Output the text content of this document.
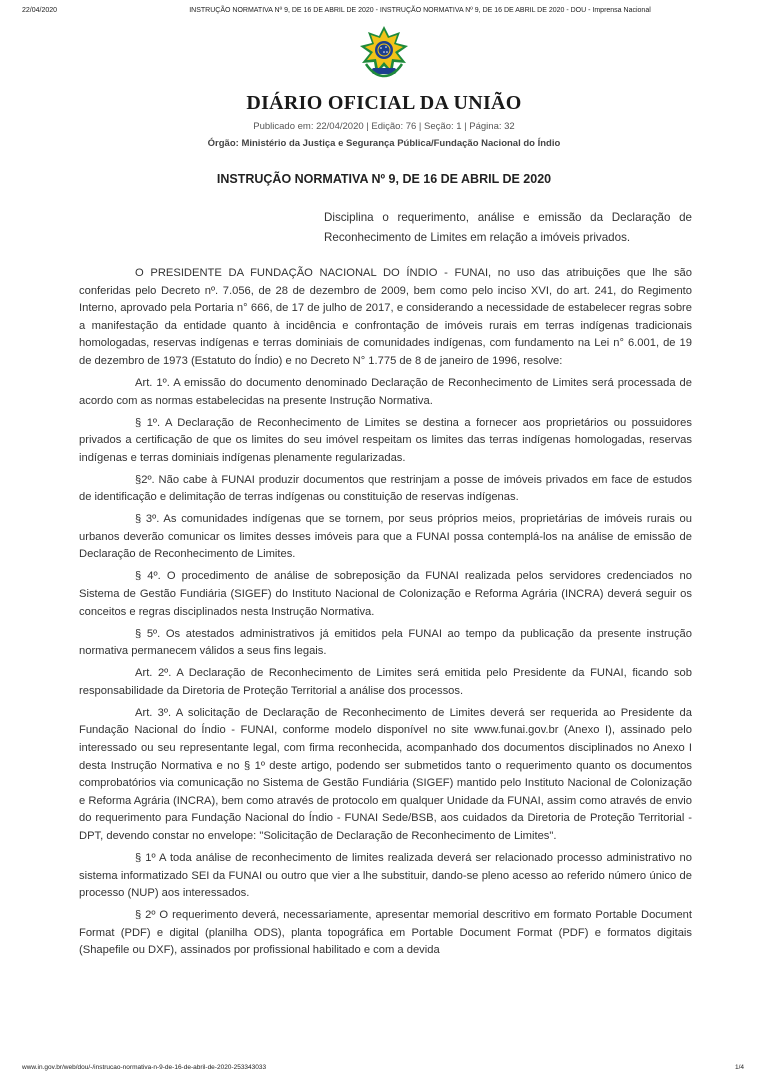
22/04/2020	INSTRUÇÃO NORMATIVA Nº 9, DE 16 DE ABRIL DE 2020 - INSTRUÇÃO NORMATIVA Nº 9, DE 16 DE ABRIL DE 2020 - DOU - Imprensa Nacional
DIÁRIO OFICIAL DA UNIÃO
Publicado em: 22/04/2020 | Edição: 76 | Seção: 1 | Página: 32
Órgão: Ministério da Justiça e Segurança Pública/Fundação Nacional do Índio
INSTRUÇÃO NORMATIVA Nº 9, DE 16 DE ABRIL DE 2020
Disciplina o requerimento, análise e emissão da Declaração de Reconhecimento de Limites em relação a imóveis privados.

O PRESIDENTE DA FUNDAÇÃO NACIONAL DO ÍNDIO - FUNAI, no uso das atribuições que lhe são conferidas pelo Decreto nº. 7.056, de 28 de dezembro de 2009, bem como pelo inciso XVI, do art. 241, do Regimento Interno, aprovado pela Portaria n° 666, de 17 de julho de 2017, e considerando a necessidade de estabelecer regras sobre a manifestação da entidade quanto à incidência e confrontação de imóveis rurais em terras indígenas tradicionais homologadas, reservas indígenas e terras dominiais de comunidades indígenas, com fundamento na Lei n° 6.001, de 19 de dezembro de 1973 (Estatuto do Índio) e no Decreto N° 1.775 de 8 de janeiro de 1996, resolve:

Art. 1º. A emissão do documento denominado Declaração de Reconhecimento de Limites será processada de acordo com as normas estabelecidas na presente Instrução Normativa.

§ 1º. A Declaração de Reconhecimento de Limites se destina a fornecer aos proprietários ou possuidores privados a certificação de que os limites do seu imóvel respeitam os limites das terras indígenas homologadas, reservas indígenas e terras dominiais indígenas plenamente regularizadas.

§2º. Não cabe à FUNAI produzir documentos que restrinjam a posse de imóveis privados em face de estudos de identificação e delimitação de terras indígenas ou constituição de reservas indígenas.

§ 3º. As comunidades indígenas que se tornem, por seus próprios meios, proprietárias de imóveis rurais ou urbanos deverão comunicar os limites desses imóveis para que a FUNAI possa contemplá-los na análise de emissão de Declaração de Reconhecimento de Limites.

§ 4º. O procedimento de análise de sobreposição da FUNAI realizada pelos servidores credenciados no Sistema de Gestão Fundiária (SIGEF) do Instituto Nacional de Colonização e Reforma Agrária (INCRA) deverá seguir os conceitos e regras disciplinados nesta Instrução Normativa.

§ 5º. Os atestados administrativos já emitidos pela FUNAI ao tempo da publicação da presente instrução normativa permanecem válidos a seus fins legais.

Art. 2º. A Declaração de Reconhecimento de Limites será emitida pelo Presidente da FUNAI, ficando sob responsabilidade da Diretoria de Proteção Territorial a análise dos processos.

Art. 3º. A solicitação de Declaração de Reconhecimento de Limites deverá ser requerida ao Presidente da Fundação Nacional do Índio - FUNAI, conforme modelo disponível no site www.funai.gov.br (Anexo I), assinado pelo interessado ou seu representante legal, com firma reconhecida, acompanhado dos documentos disciplinados no Anexo I desta Instrução Normativa e no § 1º deste artigo, podendo ser submetidos tanto o requerimento quanto os documentos comprobatórios via comunicação no Sistema de Gestão Fundiária (SIGEF) mantido pelo Instituto Nacional de Colonização e Reforma Agrária (INCRA), bem como através de protocolo em qualquer Unidade da FUNAI, assim como através de envio do requerimento para Fundação Nacional do Índio - FUNAI Sede/BSB, aos cuidados da Diretoria de Proteção Territorial - DPT, devendo constar no envelope: "Solicitação de Declaração de Reconhecimento de Limites".

§ 1º A toda análise de reconhecimento de limites realizada deverá ser relacionado processo administrativo no sistema informatizado SEI da FUNAI ou outro que vier a lhe substituir, dando-se pleno acesso ao referido número único de processo (NUP) aos interessados.

§ 2º O requerimento deverá, necessariamente, apresentar memorial descritivo em formato Portable Document Format (PDF) e digital (planilha ODS), planta topográfica em Portable Document Format (PDF) e formatos digitais (Shapefile ou DXF), assinados por profissional habilitado e com a devida

www.in.gov.br/web/dou/-/instrucao-normativa-n-9-de-16-de-abril-de-2020-253343033	1/4
